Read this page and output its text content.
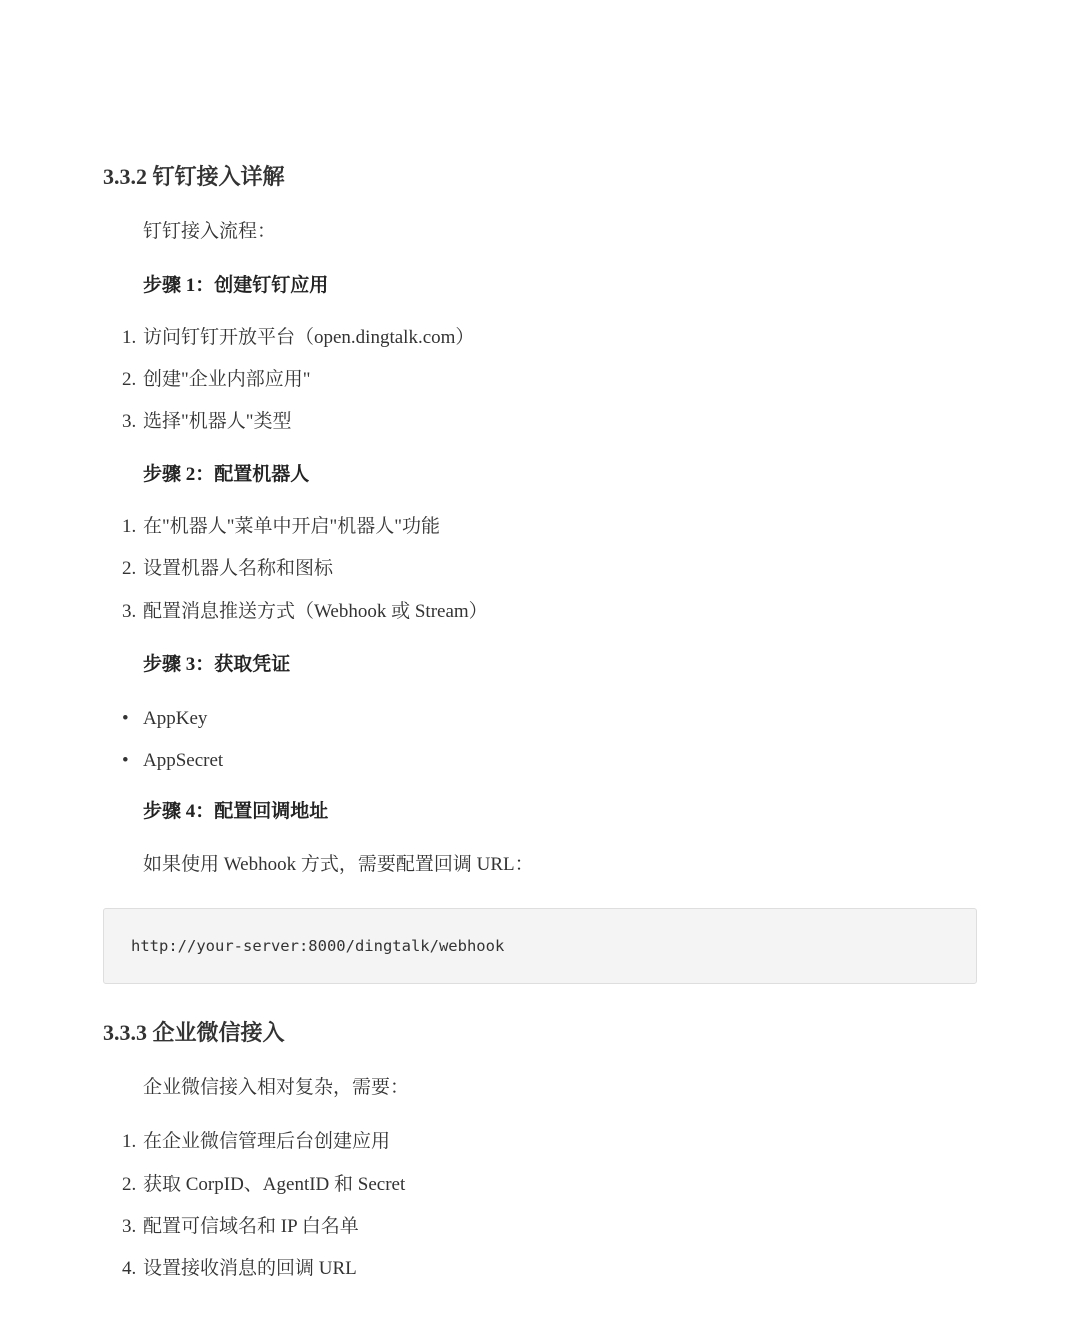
3.3.2 钉钉接入详解

钉钉接入流程：

步骤 1：创建钉钉应用

1. 访问钉钉开放平台（open.dingtalk.com）
2. 创建"企业内部应用"
3. 选择"机器人"类型

步骤 2：配置机器人

1. 在"机器人"菜单中开启"机器人"功能
2. 设置机器人名称和图标
3. 配置消息推送方式（Webhook 或 Stream）

步骤 3：获取凭证

• AppKey
• AppSecret

步骤 4：配置回调地址

如果使用 Webhook 方式，需要配置回调 URL：

http://your-server:8000/dingtalk/webhook
3.3.3 企业微信接入

企业微信接入相对复杂，需要：

1. 在企业微信管理后台创建应用
2. 获取 CorpID、AgentID 和 Secret
3. 配置可信域名和 IP 白名单
4. 设置接收消息的回调 URL
